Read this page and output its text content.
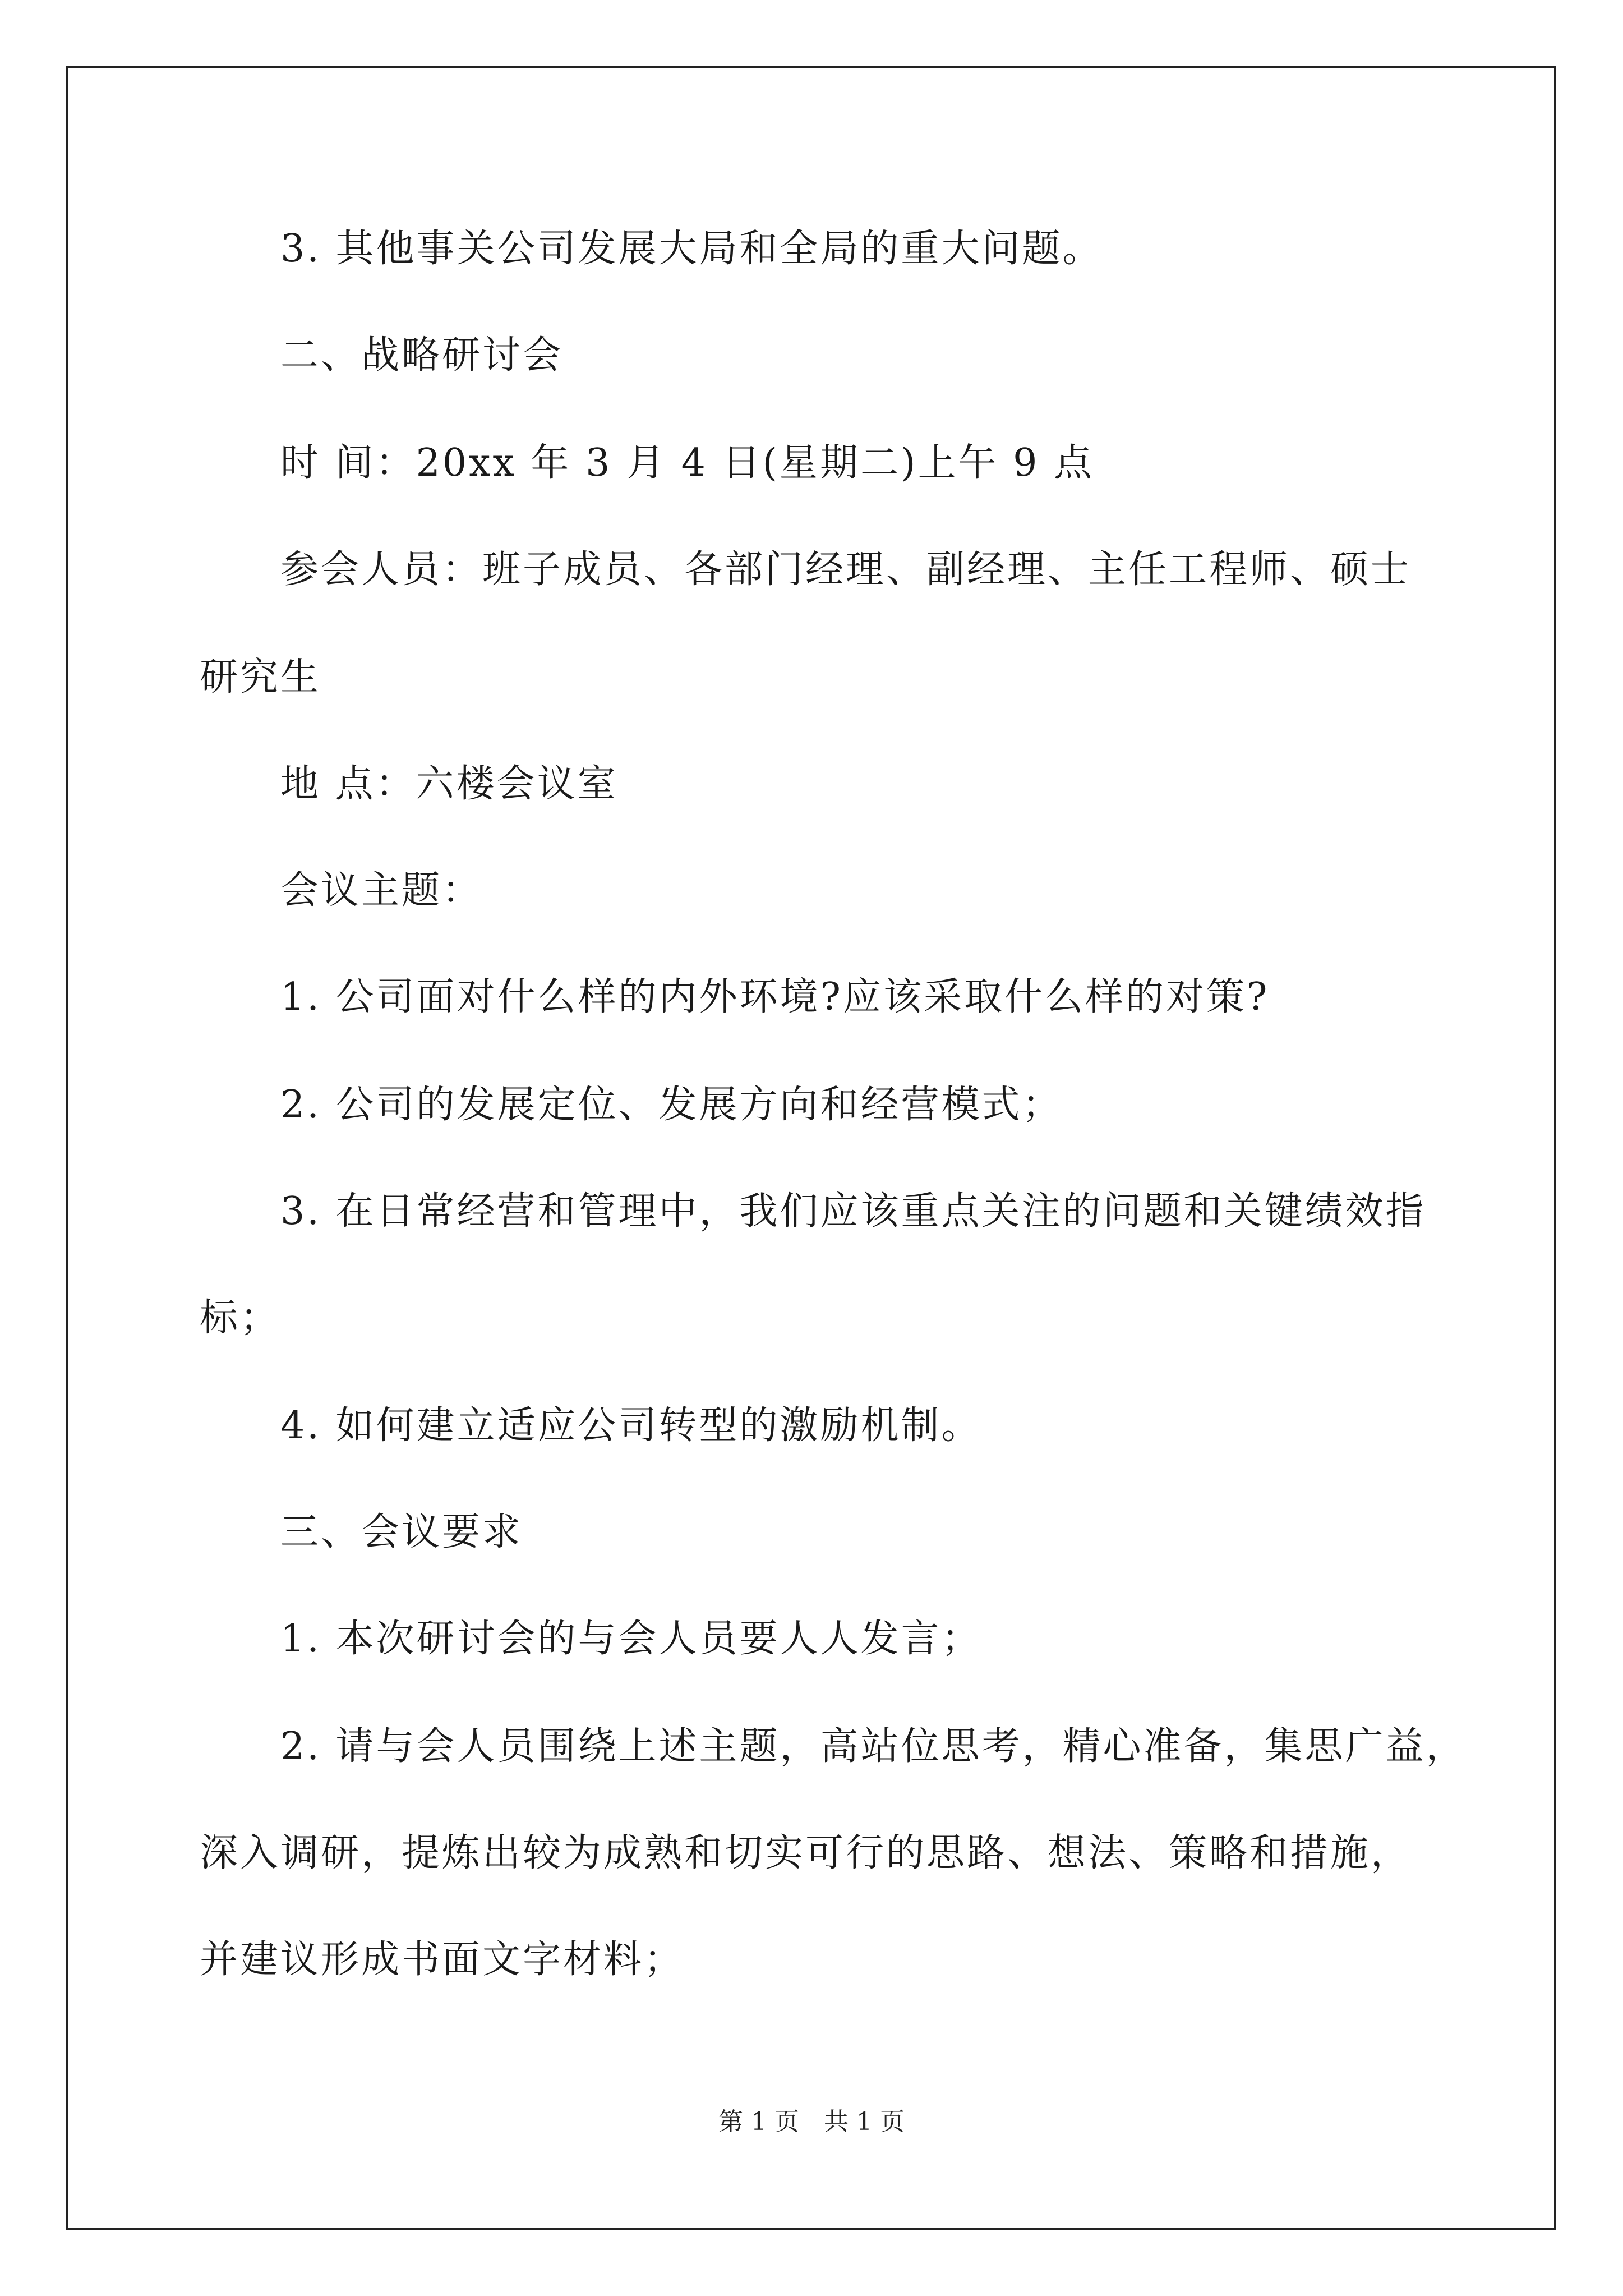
3. 其他事关公司发展大局和全局的重大问题。
二、战略研讨会
时 间：20xx 年 3 月 4 日(星期二)上午 9 点
参会人员：班子成员、各部门经理、副经理、主任工程师、硕士
研究生
地 点：六楼会议室
会议主题：
1. 公司面对什么样的内外环境?应该采取什么样的对策?
2. 公司的发展定位、发展方向和经营模式；
3. 在日常经营和管理中，我们应该重点关注的问题和关键绩效指
标；
4. 如何建立适应公司转型的激励机制。
三、会议要求
1. 本次研讨会的与会人员要人人发言；
2. 请与会人员围绕上述主题，高站位思考，精心准备，集思广益，
深入调研，提炼出较为成熟和切实可行的思路、想法、策略和措施，
并建议形成书面文字材料；
第 1 页　共 1 页
